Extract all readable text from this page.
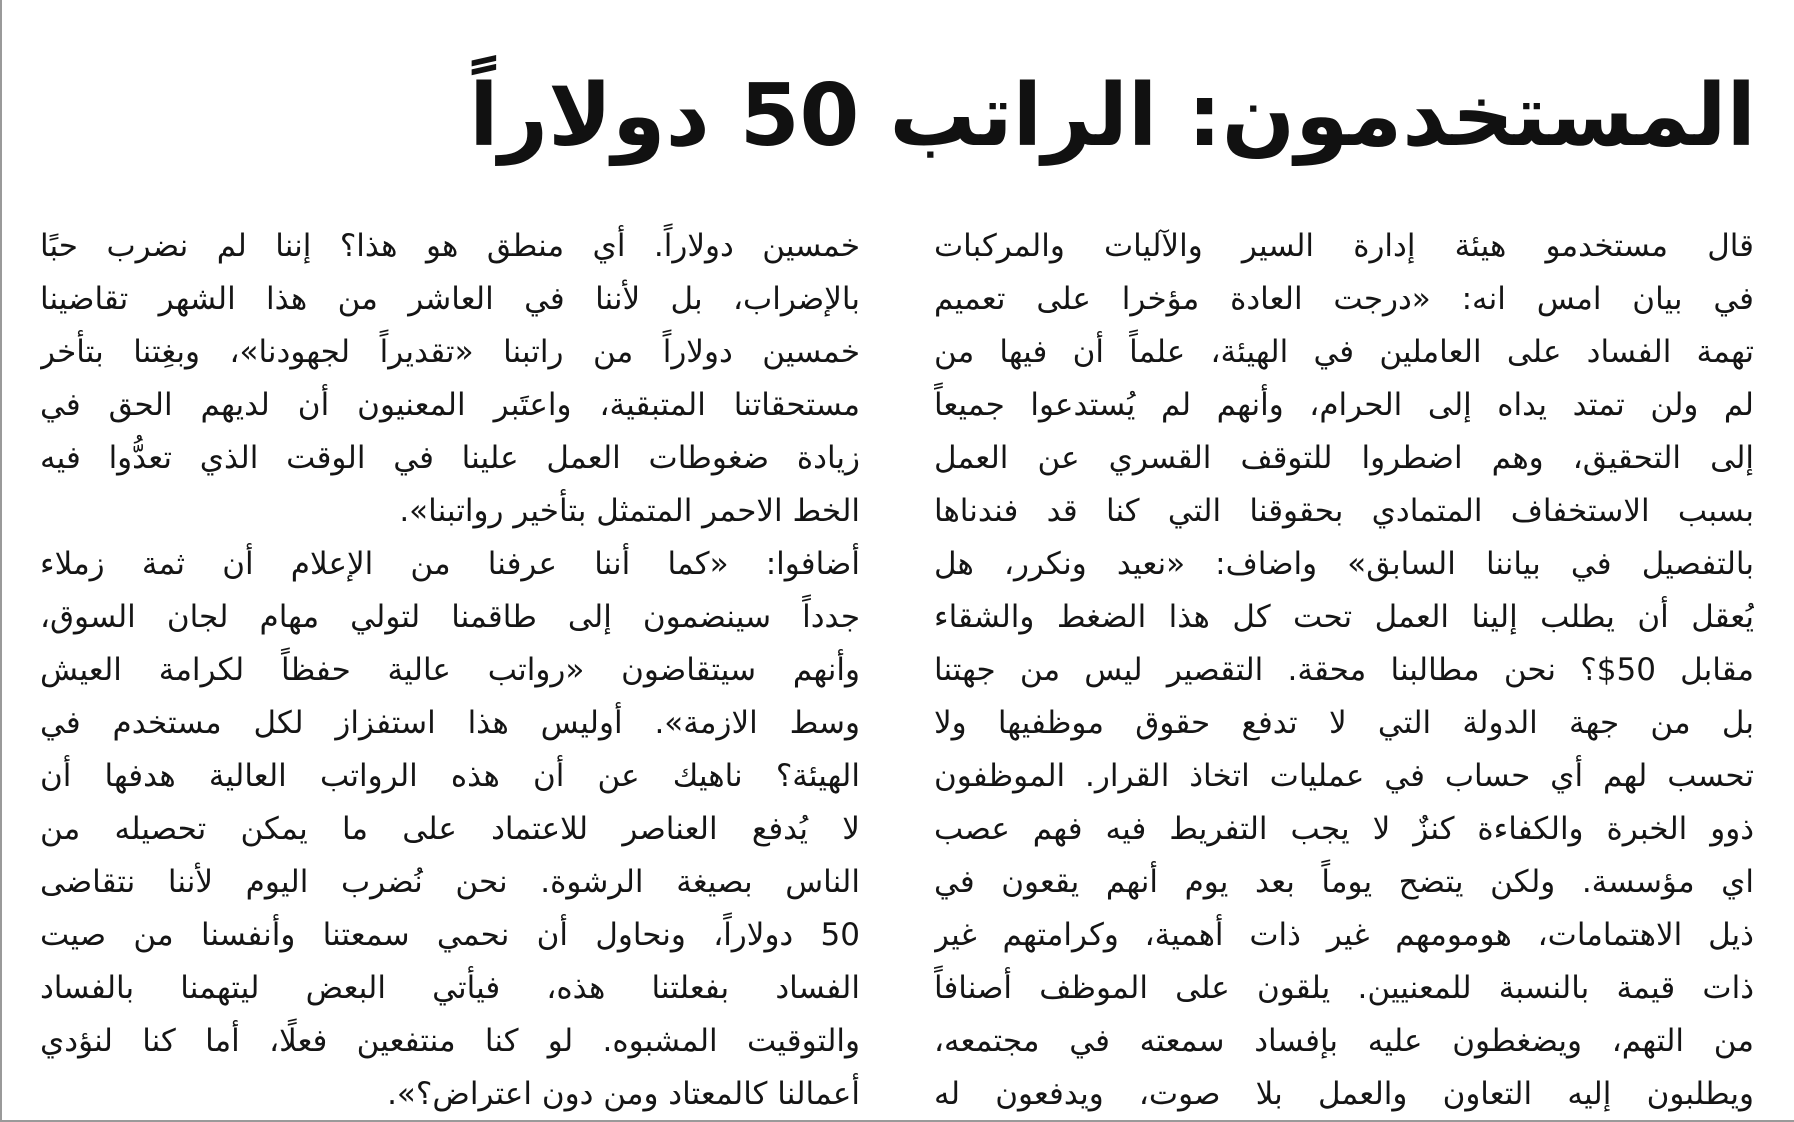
المستخدمون: الراتب 50 دولاراً
قال مستخدمو هيئة إدارة السير والآليات والمركبات
في بيان امس انه: «درجت العادة مؤخرا على تعميم
تهمة الفساد على العاملين في الهيئة، علماً أن فيها من
لم ولن تمتد يداه إلى الحرام، وأنهم لم يُستدعوا جميعاً
إلى التحقيق، وهم اضطروا للتوقف القسري عن العمل
بسبب الاستخفاف المتمادي بحقوقنا التي كنا قد فندناها
بالتفصيل في بياننا السابق» واضاف: «نعيد ونكرر، هل
يُعقل أن يطلب إلينا العمل تحت كل هذا الضغط والشقاء
مقابل 50$؟ نحن مطالبنا محقة. التقصير ليس من جهتنا
بل من جهة الدولة التي لا تدفع حقوق موظفيها ولا
تحسب لهم أي حساب في عمليات اتخاذ القرار. الموظفون
ذوو الخبرة والكفاءة كنزٌ لا يجب التفريط فيه فهم عصب
اي مؤسسة. ولكن يتضح يوماً بعد يوم أنهم يقعون في
ذيل الاهتمامات، هومومهم غير ذات أهمية، وكرامتهم غير
ذات قيمة بالنسبة للمعنيين. يلقون على الموظف أصنافاً
من التهم، ويضغطون عليه بإفساد سمعته في مجتمعه،
ويطلبون إليه التعاون والعمل بلا صوت، ويدفعون له
خمسين دولاراً. أي منطق هو هذا؟ إننا لم نضرب حبًا
بالإضراب، بل لأننا في العاشر من هذا الشهر تقاضينا
خمسين دولاراً من راتبنا «تقديراً لجهودنا»، وبغِتنا بتأخر
مستحقاتنا المتبقية، واعتَبر المعنيون أن لديهم الحق في
زيادة ضغوطات العمل علينا في الوقت الذي تعدُّوا فيه
الخط الاحمر المتمثل بتأخير رواتبنا».
أضافوا: «كما أننا عرفنا من الإعلام أن ثمة زملاء
جدداً سينضمون إلى طاقمنا لتولي مهام لجان السوق،
وأنهم سيتقاضون «رواتب عالية حفظاً لكرامة العيش
وسط الازمة». أوليس هذا استفزاز لكل مستخدم في
الهيئة؟ ناهيك عن أن هذه الرواتب العالية هدفها أن
لا يُدفع العناصر للاعتماد على ما يمكن تحصيله من
الناس بصيغة الرشوة. نحن نُضرب اليوم لأننا نتقاضى
50 دولاراً، ونحاول أن نحمي سمعتنا وأنفسنا من صيت
الفساد بفعلتنا هذه، فيأتي البعض ليتهمنا بالفساد
والتوقيت المشبوه. لو كنا منتفعين فعلًا، أما كنا لنؤدي
أعمالنا كالمعتاد ومن دون اعتراض؟».
